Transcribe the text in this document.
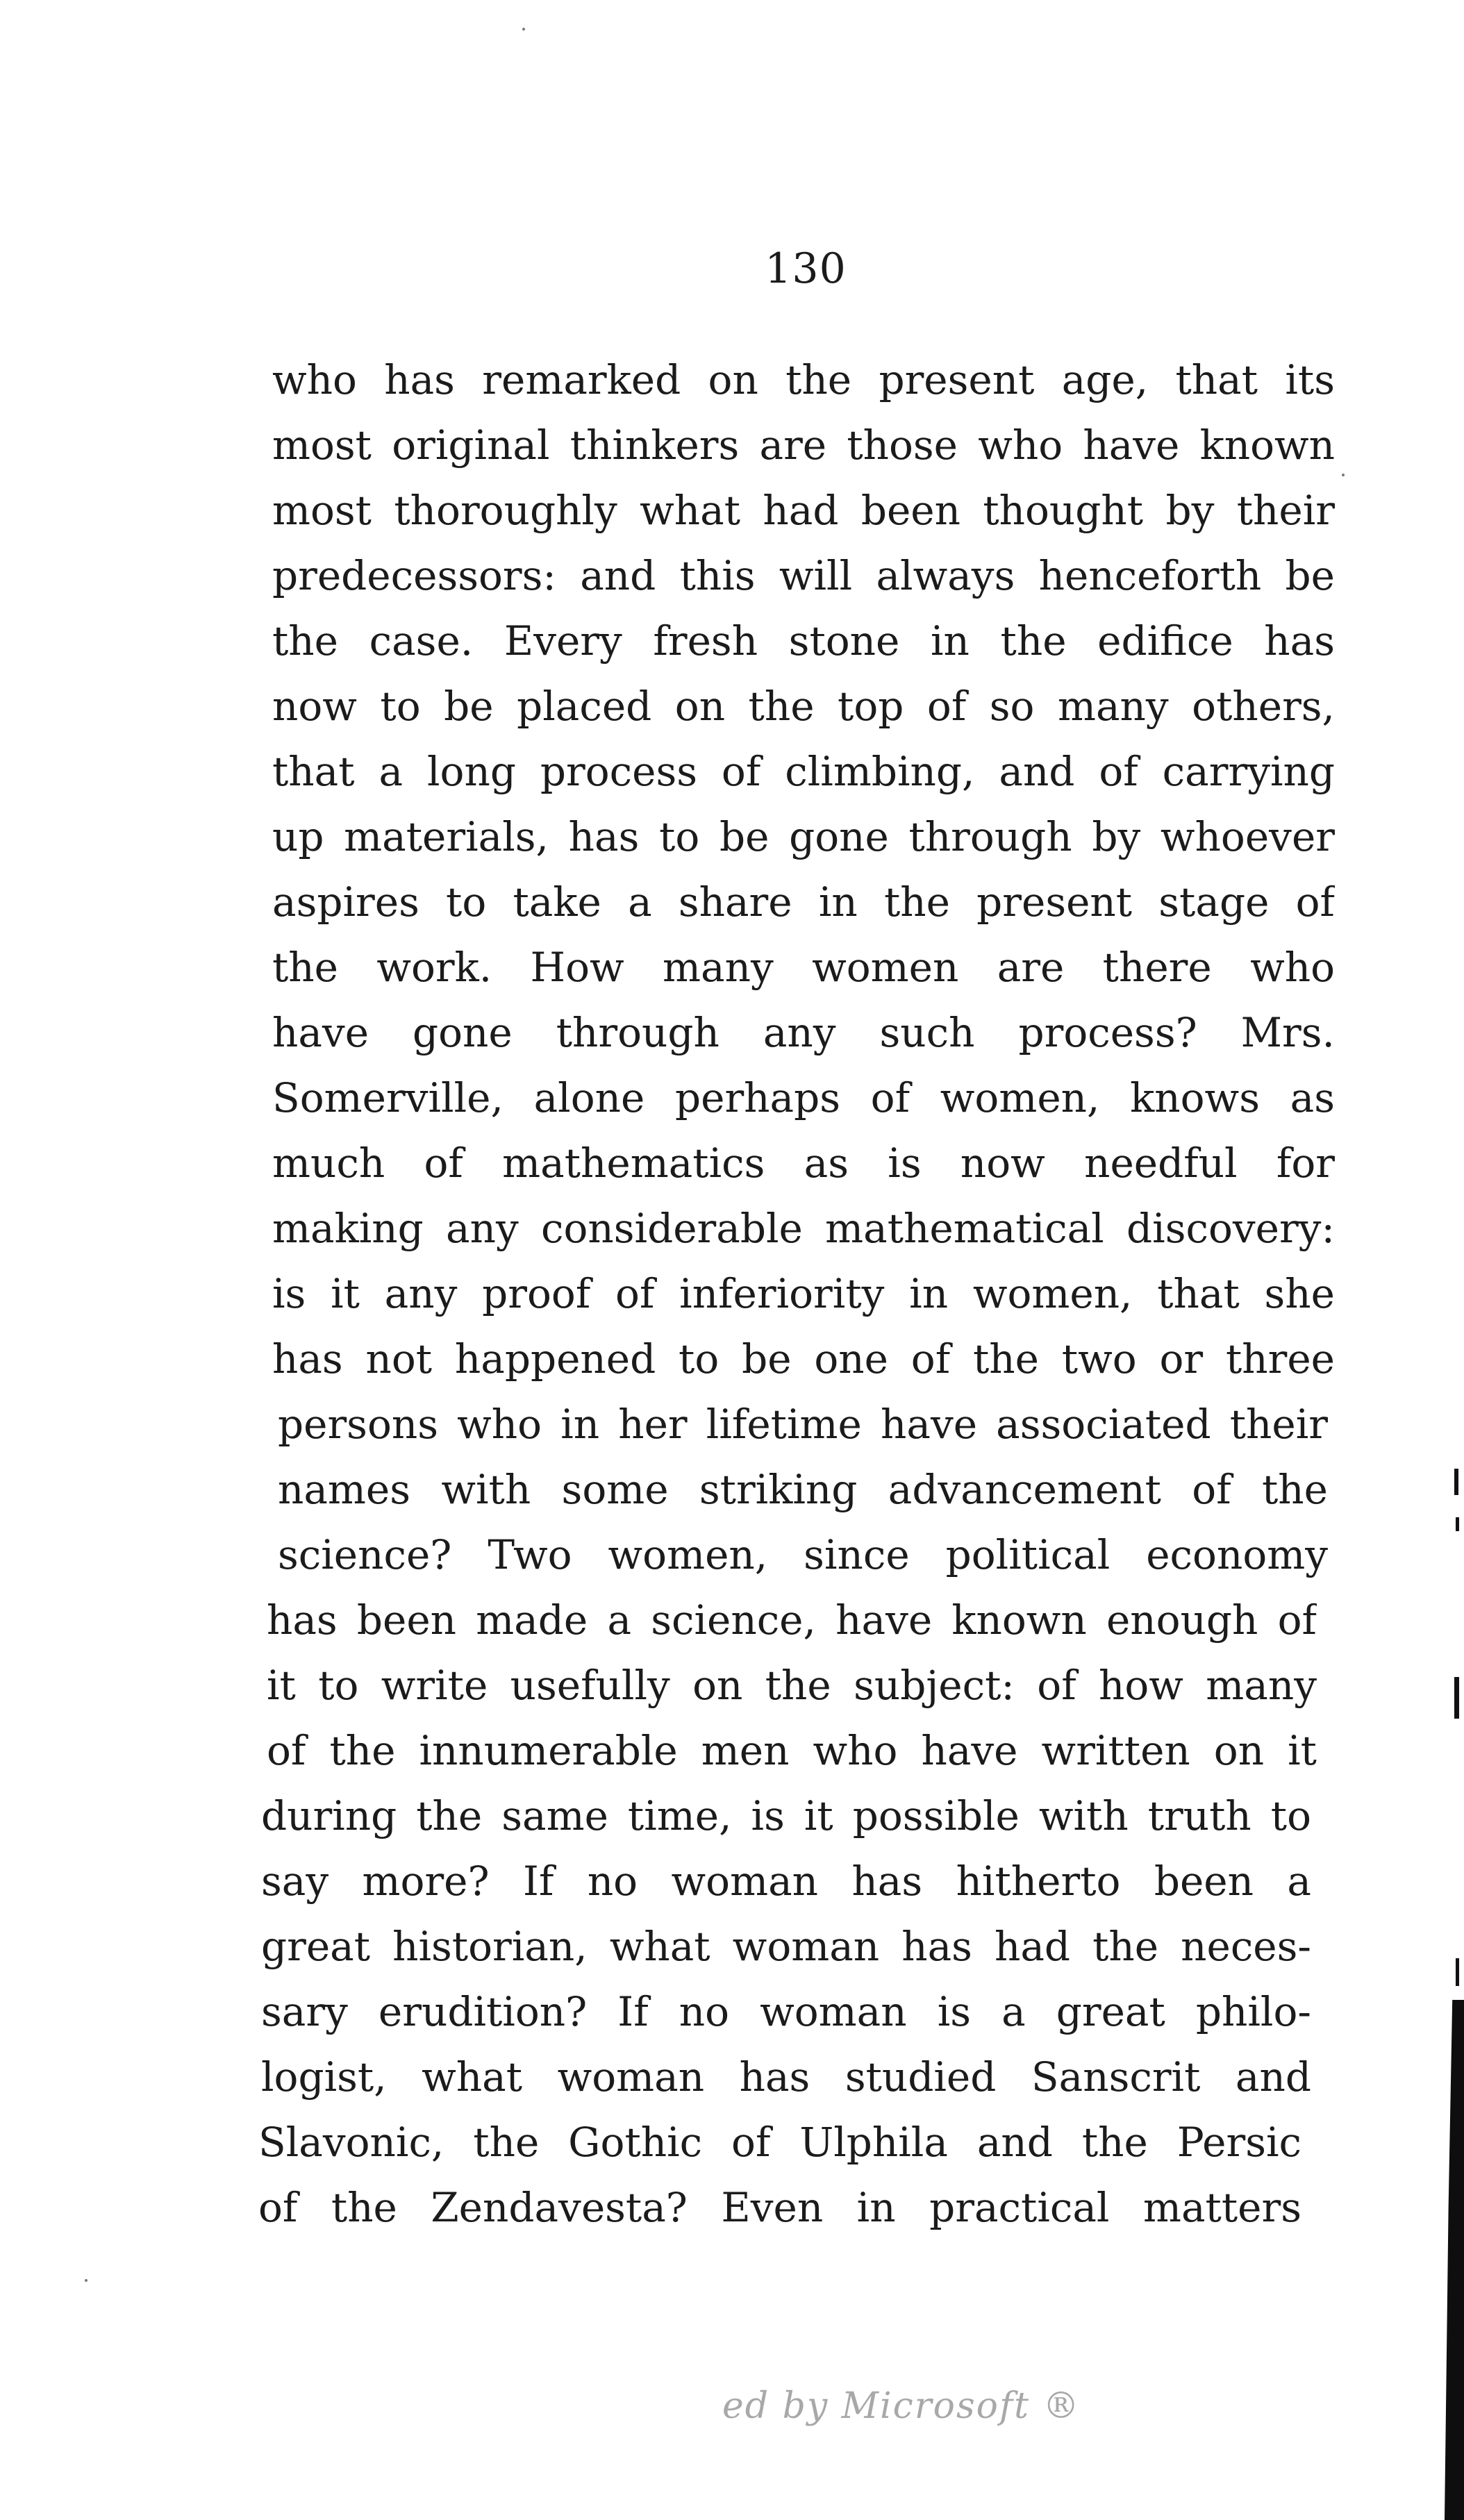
130
who has remarked on the present age, that its
most original thinkers are those who have known
most thoroughly what had been thought by their
predecessors: and this will always henceforth be
the case. Every fresh stone in the edifice has
now to be placed on the top of so many others,
that a long process of climbing, and of carrying
up materials, has to be gone through by whoever
aspires to take a share in the present stage of
the work. How many women are there who
have gone through any such process? Mrs.
Somerville, alone perhaps of women, knows as
much of mathematics as is now needful for
making any considerable mathematical discovery:
is it any proof of inferiority in women, that she
has not happened to be one of the two or three
persons who in her lifetime have associated their
names with some striking advancement of the
science? Two women, since political economy
has been made a science, have known enough of
it to write usefully on the subject: of how many
of the innumerable men who have written on it
during the same time, is it possible with truth to
say more? If no woman has hitherto been a
great historian, what woman has had the neces-
sary erudition? If no woman is a great philo-
logist, what woman has studied Sanscrit and
Slavonic, the Gothic of Ulphila and the Persic
of the Zendavesta? Even in practical matters
ed by Microsoft ®
